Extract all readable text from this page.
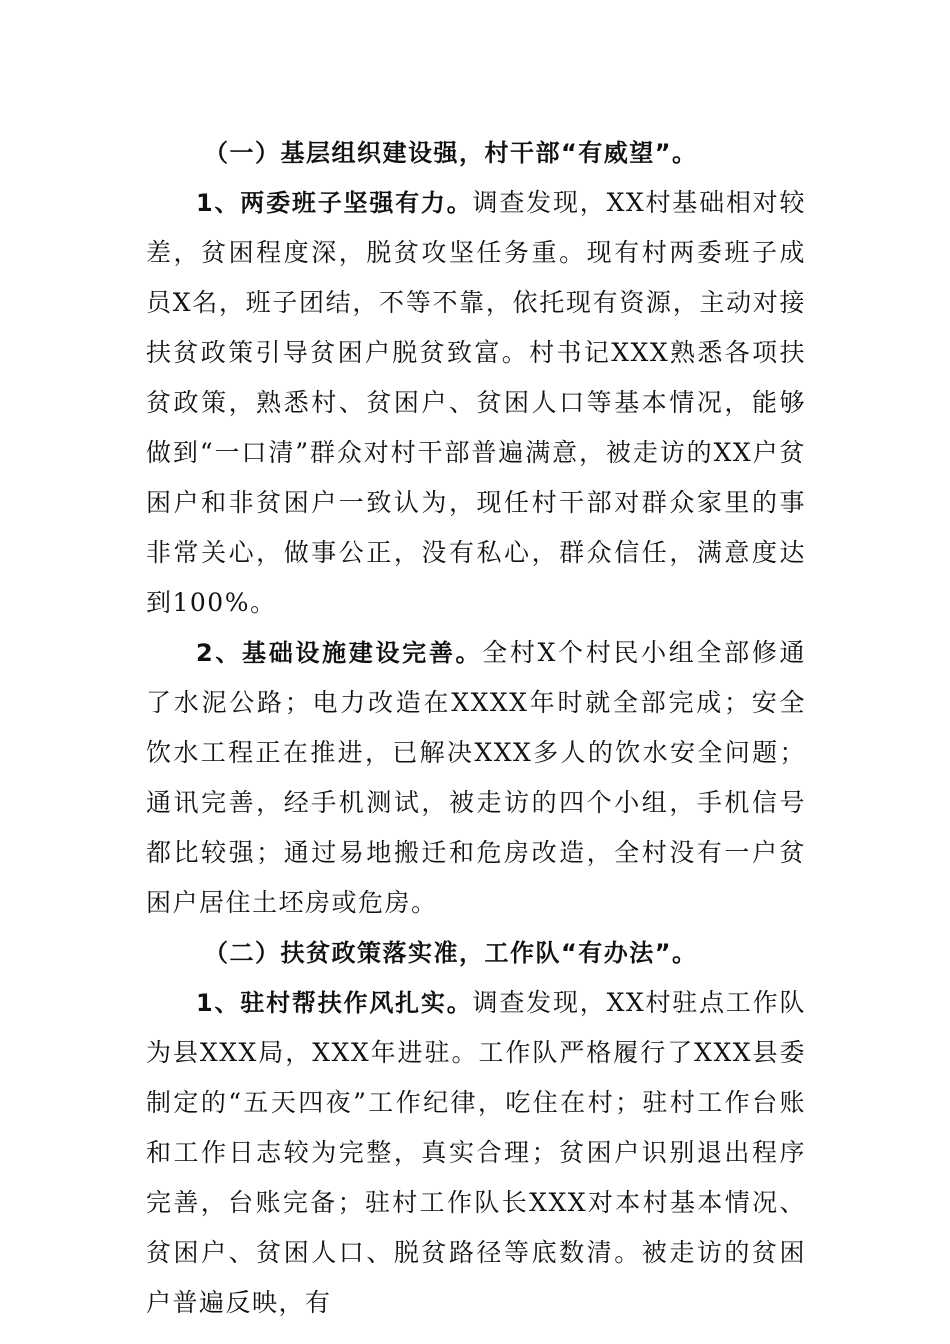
（一）基层组织建设强，村干部“有威望”。

1、两委班子坚强有力。调查发现，XX村基础相对较差，贫困程度深，脱贫攻坚任务重。现有村两委班子成员X名，班子团结，不等不靠，依托现有资源，主动对接扶贫政策引导贫困户脱贫致富。村书记XXX熟悉各项扶贫政策，熟悉村、贫困户、贫困人口等基本情况，能够做到“一口清”群众对村干部普遍满意，被走访的XX户贫困户和非贫困户一致认为，现任村干部对群众家里的事非常关心，做事公正，没有私心，群众信任，满意度达到100%。

2、基础设施建设完善。全村X个村民小组全部修通了水泥公路；电力改造在XXXX年时就全部完成；安全饮水工程正在推进，已解决XXX多人的饮水安全问题；通讯完善，经手机测试，被走访的四个小组，手机信号都比较强；通过易地搬迁和危房改造，全村没有一户贫困户居住土坯房或危房。

（二）扶贫政策落实准，工作队“有办法”。

1、驻村帮扶作风扎实。调查发现，XX村驻点工作队为县XXX局，XXX年进驻。工作队严格履行了XXX县委制定的“五天四夜”工作纪律，吃住在村；驻村工作台账和工作日志较为完整，真实合理；贫困户识别退出程序完善，台账完备；驻村工作队长XXX对本村基本情况、贫困户、贫困人口、脱贫路径等底数清。被走访的贫困户普遍反映，有
